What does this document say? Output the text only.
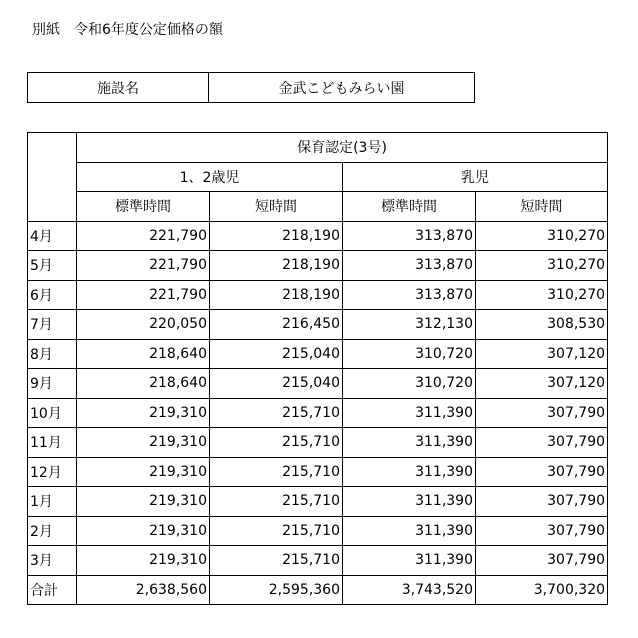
別紙　令和6年度公定価格の額
施設名	金武こどもみらい園
	保育認定(3号)			
	1、2歳児		乳児	
	標準時間	短時間	標準時間	短時間
4月	221,790	218,190	313,870	310,270
5月	221,790	218,190	313,870	310,270
6月	221,790	218,190	313,870	310,270
7月	220,050	216,450	312,130	308,530
8月	218,640	215,040	310,720	307,120
9月	218,640	215,040	310,720	307,120
10月	219,310	215,710	311,390	307,790
11月	219,310	215,710	311,390	307,790
12月	219,310	215,710	311,390	307,790
1月	219,310	215,710	311,390	307,790
2月	219,310	215,710	311,390	307,790
3月	219,310	215,710	311,390	307,790
合計	2,638,560	2,595,360	3,743,520	3,700,320
